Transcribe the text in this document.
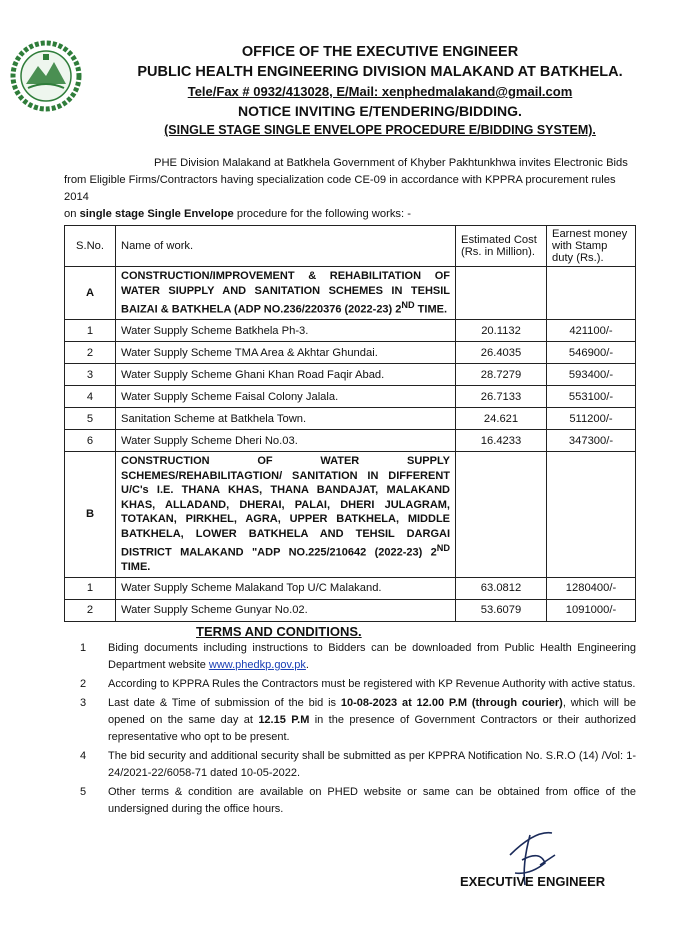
OFFICE OF THE EXECUTIVE ENGINEER
PUBLIC HEALTH ENGINEERING DIVISION MALAKAND AT BATKHELA.
Tele/Fax # 0932/413028, E/Mail: xenphedmalakand@gmail.com
NOTICE INVITING E/TENDERING/BIDDING.
(SINGLE STAGE SINGLE ENVELOPE PROCEDURE E/BIDDING SYSTEM).

PHE Division Malakand at Batkhela Government of Khyber Pakhtunkhwa invites Electronic Bids

from Eligible Firms/Contractors having specialization code CE-09 in accordance with KPPRA procurement rules 2014

on single stage Single Envelope procedure for the following works: -

S.No.	Name of work.	Estimated Cost (Rs. in Million).	Earnest money with Stamp duty (Rs.).
A	CONSTRUCTION/IMPROVEMENT & REHABILITATION OF WATER SIUPPLY AND SANITATION SCHEMES IN TEHSIL BAIZAI & BATKHELA (ADP NO.236/220376 (2022-23) 2ND TIME.		
1	Water Supply Scheme Batkhela Ph-3.	20.1132	421100/-
2	Water Supply Scheme TMA Area & Akhtar Ghundai.	26.4035	546900/-
3	Water Supply Scheme Ghani Khan Road Faqir Abad.	28.7279	593400/-
4	Water Supply Scheme Faisal Colony Jalala.	26.7133	553100/-
5	Sanitation Scheme at Batkhela Town.	24.621	511200/-
6	Water Supply Scheme Dheri No.03.	16.4233	347300/-
B	CONSTRUCTION OF WATER SUPPLY SCHEMES/REHABILITAGTION/ SANITATION IN DIFFERENT U/C's I.E. THANA KHAS, THANA BANDAJAT, MALAKAND KHAS, ALLADAND, DHERAI, PALAI, DHERI JULAGRAM, TOTAKAN, PIRKHEL, AGRA, UPPER BATKHELA, MIDDLE BATKHELA, LOWER BATKHELA AND TEHSIL DARGAI DISTRICT MALAKAND "ADP NO.225/210642 (2022-23) 2ND TIME.		
1	Water Supply Scheme Malakand Top U/C Malakand.	63.0812	1280400/-
2	Water Supply Scheme Gunyar No.02.	53.6079	1091000/-
TERMS AND CONDITIONS.
1	Biding documents including instructions to Bidders can be downloaded from Public Health Engineering Department website www.phedkp.gov.pk.
2	According to KPPRA Rules the Contractors must be registered with KP Revenue Authority with active status.
3	Last date & Time of submission of the bid is 10-08-2023 at 12.00 P.M (through courier), which will be opened on the same day at 12.15 P.M in the presence of Government Contractors or their authorized representative who opt to be present.
4	The bid security and additional security shall be submitted as per KPPRA Notification No. S.R.O (14) /Vol: 1-24/2021-22/6058-71 dated 10-05-2022.
5	Other terms & condition are available on PHED website or same can be obtained from office of the undersigned during the office hours.
EXECUTIVE ENGINEER
